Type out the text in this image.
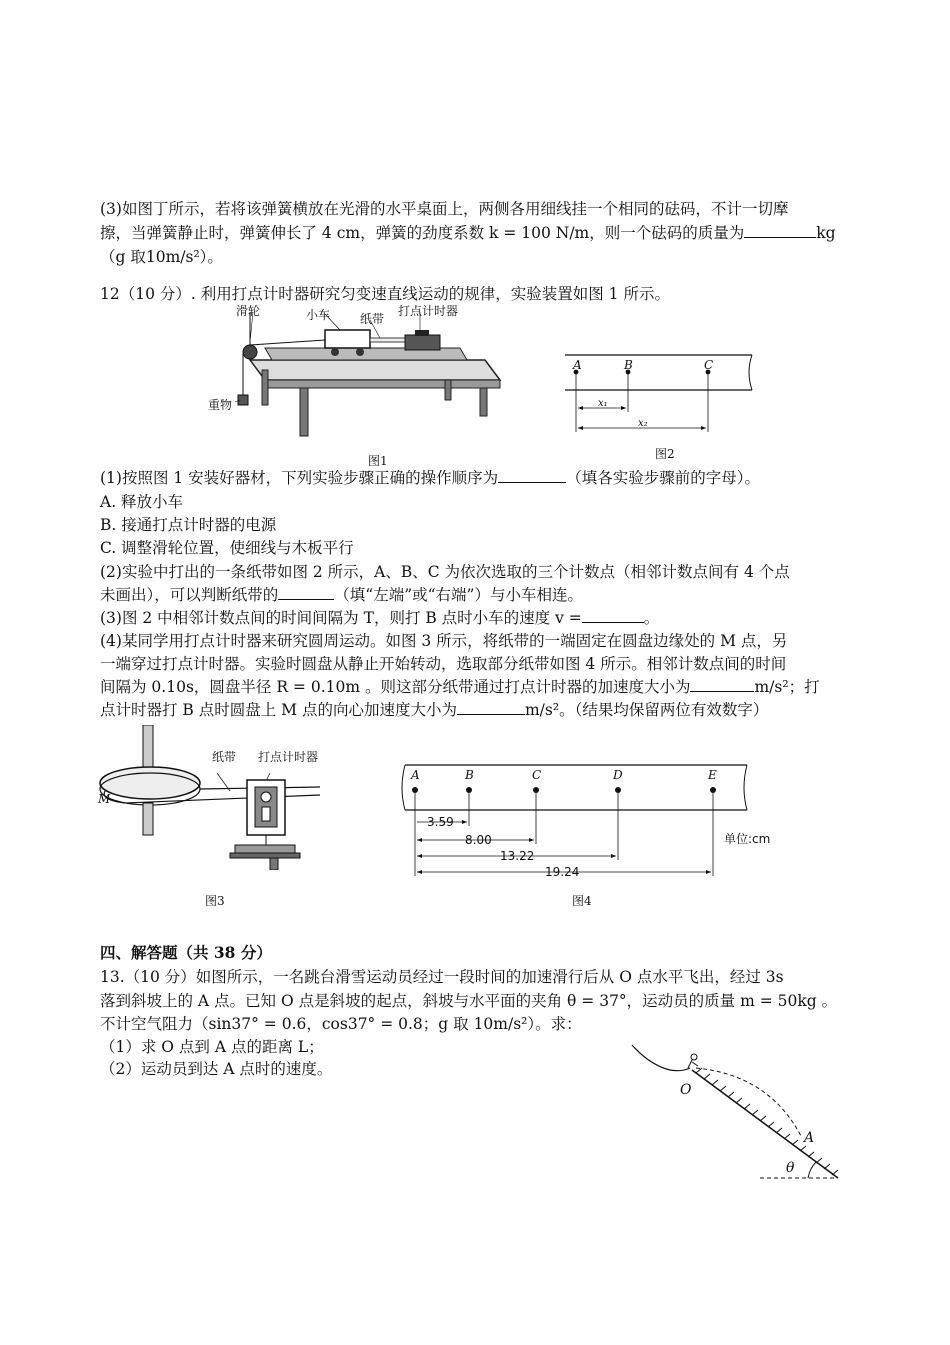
(3)如图丁所示，若将该弹簧横放在光滑的水平桌面上，两侧各用细线挂一个相同的砝码，不计一切摩
擦，当弹簧静止时，弹簧伸长了 4 cm，弹簧的劲度系数 k = 100 N/m，则一个砝码的质量为	kg
（g 取10m/s²）。
12（10 分）. 利用打点计时器研究匀变速直线运动的规律，实验装置如图 1 所示。
滑轮	小车 纸带
打点计时器
重物
图1
A	B	C
x₁
x₂
图2
(1)按照图 1 安装好器材，下列实验步骤正确的操作顺序为	（填各实验步骤前的字母）。
A. 释放小车
B. 接通打点计时器的电源
C. 调整滑轮位置，使细线与木板平行
(2)实验中打出的一条纸带如图 2 所示，A、B、C 为依次选取的三个计数点（相邻计数点间有 4 个点
未画出），可以判断纸带的	（填“左端”或“右端”）与小车相连。
(3)图 2 中相邻计数点间的时间间隔为 T，则打 B 点时小车的速度 v =	。
(4)某同学用打点计时器来研究圆周运动。如图 3 所示，将纸带的一端固定在圆盘边缘处的 M 点，另
一端穿过打点计时器。实验时圆盘从静止开始转动，选取部分纸带如图 4 所示。相邻计数点间的时间
间隔为 0.10s，圆盘半径 R = 0.10m 。则这部分纸带通过打点计时器的加速度大小为	m/s²；打
点计时器打 B 点时圆盘上 M 点的向心加速度大小为	m/s²。（结果均保留两位有效数字）
纸带 打点计时器
M
图3
A	B	C	D	E
3.59
8.00
13.22
19.24
单位:cm
图4
四、解答题（共 38 分）
13.（10 分）如图所示，一名跳台滑雪运动员经过一段时间的加速滑行后从 O 点水平飞出，经过 3s
落到斜坡上的 A 点。已知 O 点是斜坡的起点，斜坡与水平面的夹角 θ = 37°，运动员的质量 m = 50kg 。
不计空气阻力（sin37° = 0.6，cos37° = 0.8；g 取 10m/s²）。求：
（1）求 O 点到 A 点的距离 L；
（2）运动员到达 A 点时的速度。
O
A
θ
